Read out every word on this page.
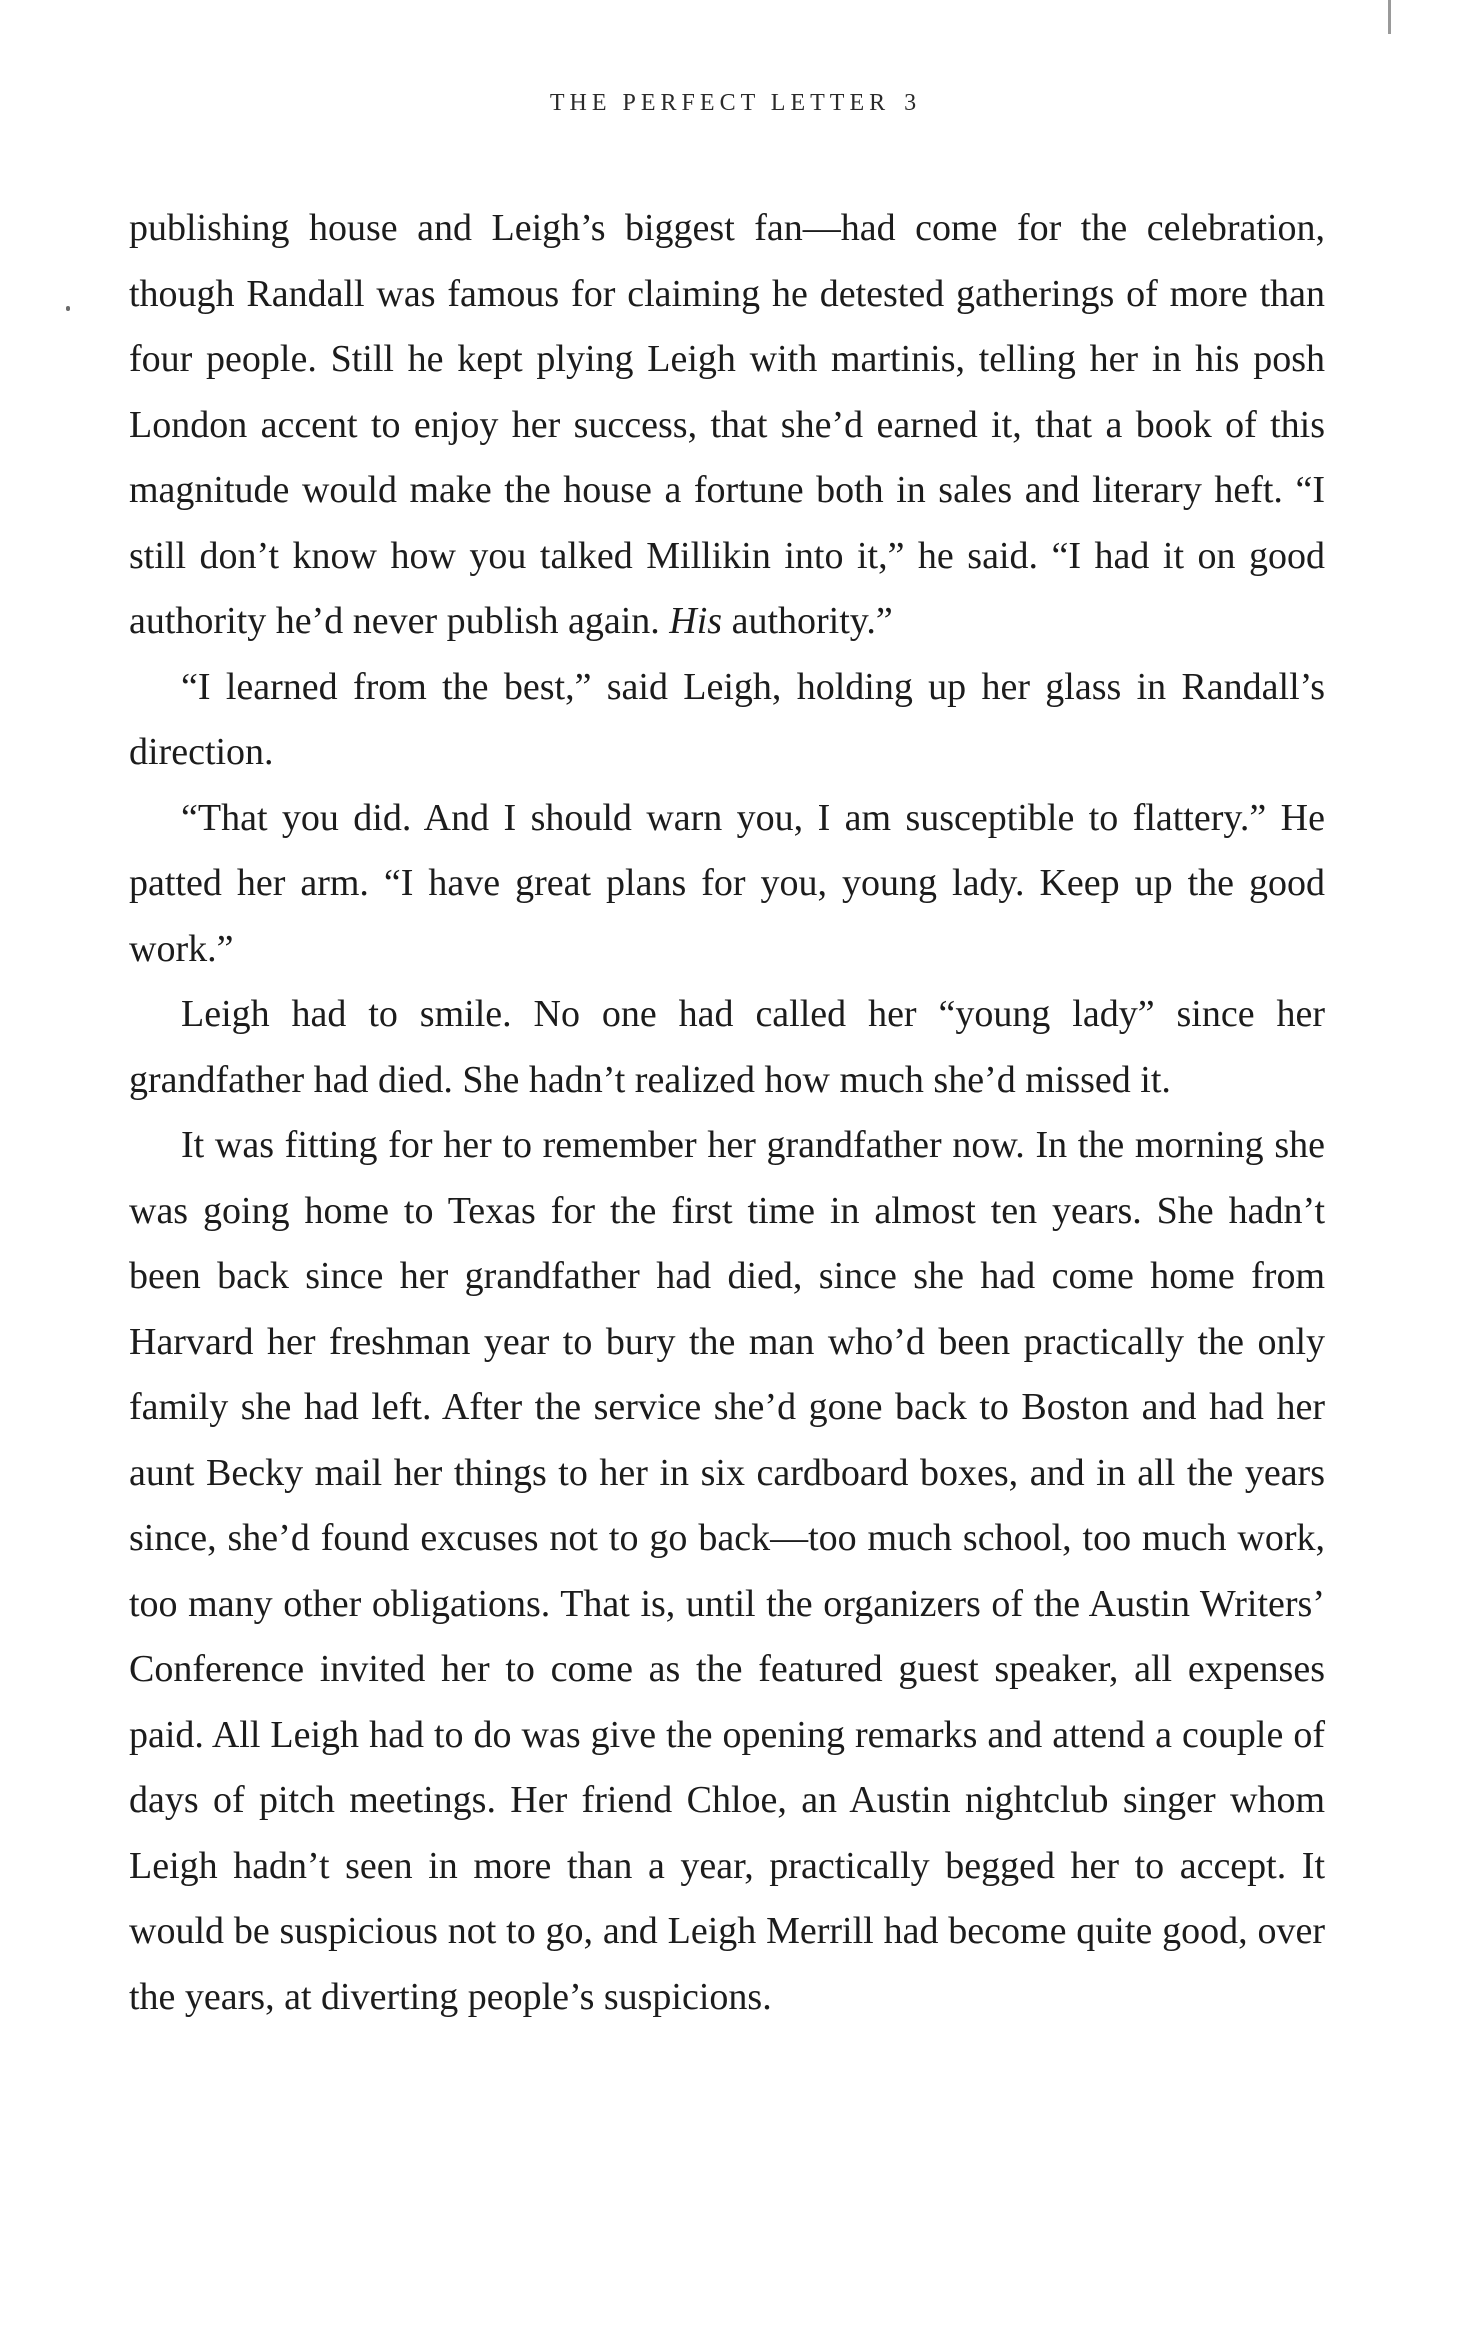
THE PERFECT LETTER 3

publishing house and Leigh’s biggest fan—had come for the celebration, though Randall was famous for claiming he detested gatherings of more than four people. Still he kept plying Leigh with martinis, telling her in his posh London accent to enjoy her success, that she’d earned it, that a book of this magnitude would make the house a fortune both in sales and literary heft. “I still don’t know how you talked Millikin into it,” he said. “I had it on good authority he’d never publish again. His authority.”

“I learned from the best,” said Leigh, holding up her glass in Randall’s direction.

“That you did. And I should warn you, I am susceptible to flattery.” He patted her arm. “I have great plans for you, young lady. Keep up the good work.”

Leigh had to smile. No one had called her “young lady” since her grandfather had died. She hadn’t realized how much she’d missed it.

It was fitting for her to remember her grandfather now. In the morning she was going home to Texas for the first time in almost ten years. She hadn’t been back since her grandfather had died, since she had come home from Harvard her freshman year to bury the man who’d been practically the only family she had left. After the service she’d gone back to Boston and had her aunt Becky mail her things to her in six cardboard boxes, and in all the years since, she’d found excuses not to go back—too much school, too much work, too many other obligations. That is, until the organizers of the Austin Writers’ Conference invited her to come as the featured guest speaker, all expenses paid. All Leigh had to do was give the opening remarks and attend a couple of days of pitch meetings. Her friend Chloe, an Austin nightclub singer whom Leigh hadn’t seen in more than a year, practically begged her to accept. It would be suspicious not to go, and Leigh Merrill had become quite good, over the years, at diverting people’s suspicions.
